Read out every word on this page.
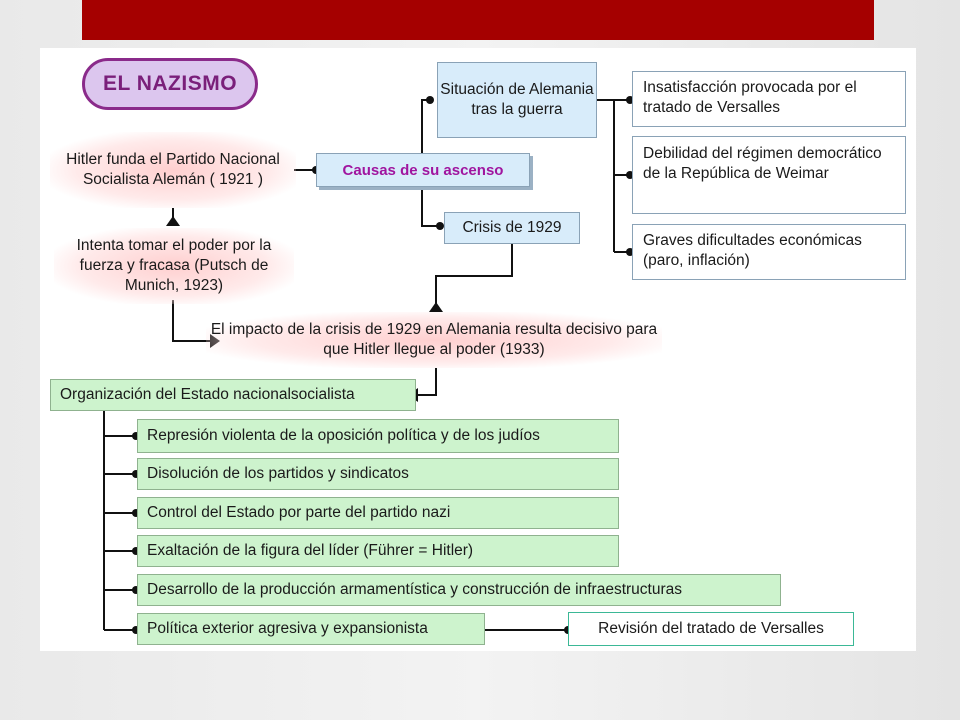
EL NAZISMO
Hitler funda el Partido Nacional Socialista Alemán ( 1921 )
Intenta tomar el poder por la fuerza y fracasa (Putsch de Munich, 1923)
Causas de su ascenso
Situación de Alemania tras la guerra
Crisis de 1929
Insatisfacción provocada por el tratado de Versalles
Debilidad del régimen democrático de la República de Weimar
Graves dificultades económicas (paro, inflación)
El impacto de la crisis de 1929 en Alemania resulta decisivo para que Hitler llegue al poder (1933)
Organización del Estado nacionalsocialista
Represión violenta de la oposición política y de los judíos
Disolución de los partidos y sindicatos
Control del Estado por parte del partido nazi
Exaltación de la figura del líder (Führer = Hitler)
Desarrollo de la producción armamentística y construcción de infraestructuras
Política exterior agresiva y expansionista	Revisión del tratado de Versalles
